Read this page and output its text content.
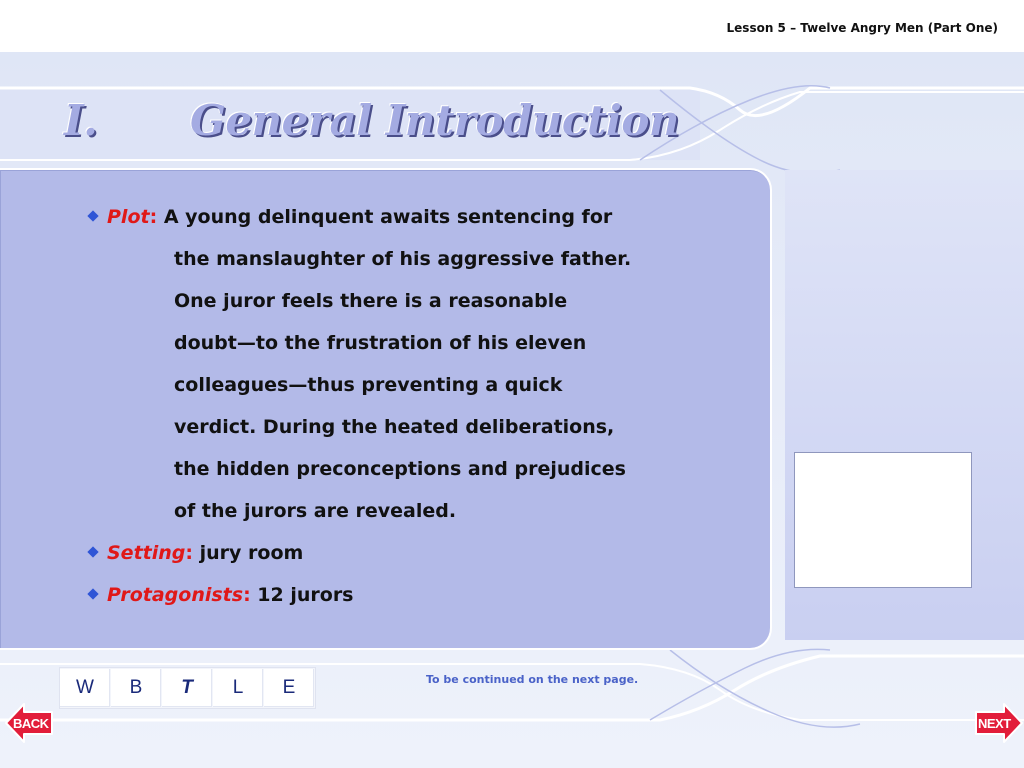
Lesson 5 – Twelve Angry Men (Part One)
I. General Introduction
Plot: A young delinquent awaits sentencing for
the manslaughter of his aggressive father.
One juror feels there is a reasonable
doubt—to the frustration of his eleven
colleagues—thus preventing a quick
verdict. During the heated deliberations,
the hidden preconceptions and prejudices
of the jurors are revealed.
Setting: jury room
Protagonists: 12 jurors
W	B	T	L	E	To be continued on the next page.
BACK	NEXT
